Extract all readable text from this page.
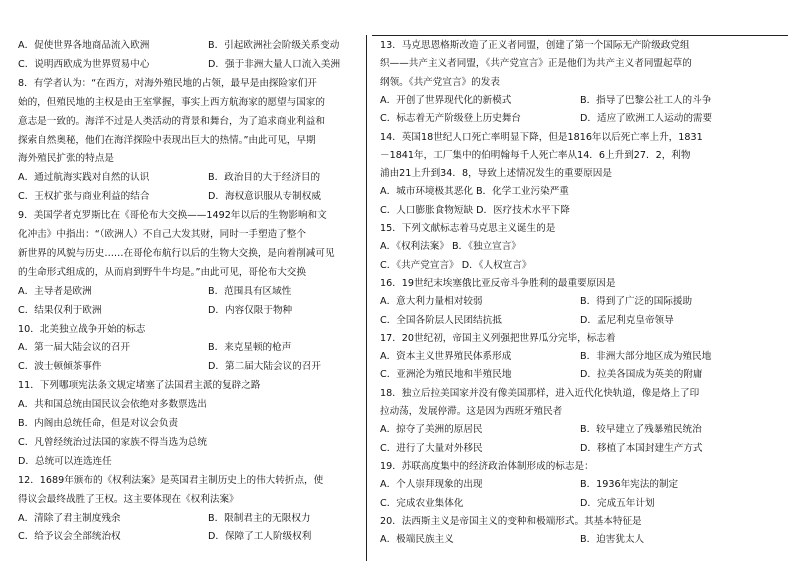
A．促使世界各地商品流入欧洲	B．引起欧洲社会阶级关系变动
C．说明西欧成为世界贸易中心	D．强于非洲大量人口流入美洲
8．有学者认为：“在西方，对海外殖民地的占领，最早是由探险家们开
始的，但殖民地的主权是由王室掌握，事实上西方航海家的愿望与国家的
意志是一致的。海洋不过是人类活动的背景和舞台，为了追求商业利益和
探索自然奥秘，他们在海洋探险中表现出巨大的热情。”由此可见，早期
海外殖民扩张的特点是
A．通过航海实践对自然的认识	B．政治目的大于经济目的
C．王权扩张与商业利益的结合	D．海权意识服从专制权威
9．美国学者克罗斯比在《哥伦布大交换——1492年以后的生物影响和文
化冲击》中指出：“（欧洲人）不自己大发其财，同时一手塑造了整个
新世界的风貌与历史……在哥伦布航行以后的生物大交换，是向着削减可见
的生命形式组成的，从而肩到野牛牛均是。”由此可见，哥伦布大交换
A．主导者是欧洲	B．范围具有区域性
C．结果仅利于欧洲	D．内容仅限于物种
10．北美独立战争开始的标志
A．第一届大陆会议的召开	B．来克星顿的枪声
C．波士顿倾茶事件	D．第二届大陆会议的召开
11．下列哪项宪法条文规定堵塞了法国君主派的复辟之路
A．共和国总统由国民议会依绝对多数票选出
B．内阁由总统任命，但是对议会负责
C．凡曾经统治过法国的家族不得当选为总统
D．总统可以连选连任
12．1689年颁布的《权利法案》是英国君主制历史上的伟大转折点，使
得议会最终战胜了王权。这主要体现在《权利法案》
A．清除了君主制度残余	B．限制君主的无限权力
C．给予议会全部统治权	D．保障了工人阶级权利
13．马克思恩格斯改造了正义者同盟，创建了第一个国际无产阶级政党组
织——共产主义者同盟，《共产党宣言》正是他们为共产主义者同盟起草的
纲领。《共产党宣言》的发表
A．开创了世界现代化的新模式	B．指导了巴黎公社工人的斗争
C．标志着无产阶级登上历史舞台	D．适应了欧洲工人运动的需要
14．英国18世纪人口死亡率明显下降，但是1816年以后死亡率上升，1831
－1841年，工厂集中的伯明翰每千人死亡率从14．6上升到27．2，利物
浦由21上升到34．8，导致上述情况发生的重要原因是
A．城市环境极其恶化 B．化学工业污染严重
C．人口膨胀食物短缺 D．医疗技术水平下降
15．下列文献标志着马克思主义诞生的是
A．《权利法案》 B．《独立宣言》
C．《共产党宣言》 D．《人权宣言》
16．19世纪末埃塞俄比亚反帝斗争胜利的最重要原因是
A．意大利力量相对较弱	B．得到了广泛的国际援助
C．全国各阶层人民团结抗抵	D．孟尼利克皇帝领导
17．20世纪初，帝国主义列强把世界瓜分完毕，标志着
A．资本主义世界殖民体系形成	B．非洲大部分地区成为殖民地
C．亚洲沦为殖民地和半殖民地	D．拉美各国成为英美的附庸
18．独立后拉美国家并没有像美国那样，进入近代化快轨道，像是烙上了印
拉动荡，发展停滞。这是因为西班牙殖民者
A．掠夺了美洲的原居民	B．较早建立了残暴殖民统治
C．进行了大量对外移民	D．移植了本国封建生产方式
19．苏联高度集中的经济政治体制形成的标志是：
A．个人崇拜现象的出现	B．1936年宪法的制定
C．完成农业集体化	D．完成五年计划
20．法西斯主义是帝国主义的变种和极端形式。其基本特征是
A．极端民族主义	B．迫害犹太人
